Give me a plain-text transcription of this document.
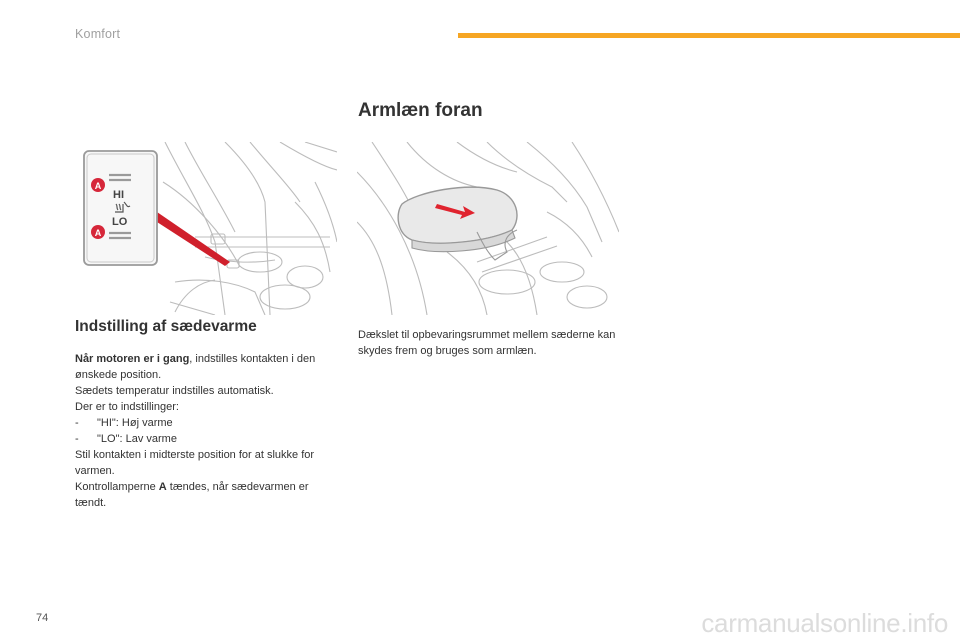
Komfort
HI
LO
A
A
Armlæn foran
Indstilling af sædevarme

Når motoren er i gang, indstilles kontakten i den ønskede position.

Sædets temperatur indstilles automatisk.

Der er to indstillinger:

- "HI": Høj varme

- "LO": Lav varme

Stil kontakten i midterste position for at slukke for varmen.

Kontrollamperne A tændes, når sædevarmen er tændt.

Dækslet til opbevaringsrummet mellem sæderne kan skydes frem og bruges som armlæn.

74	carmanualsonline.info
